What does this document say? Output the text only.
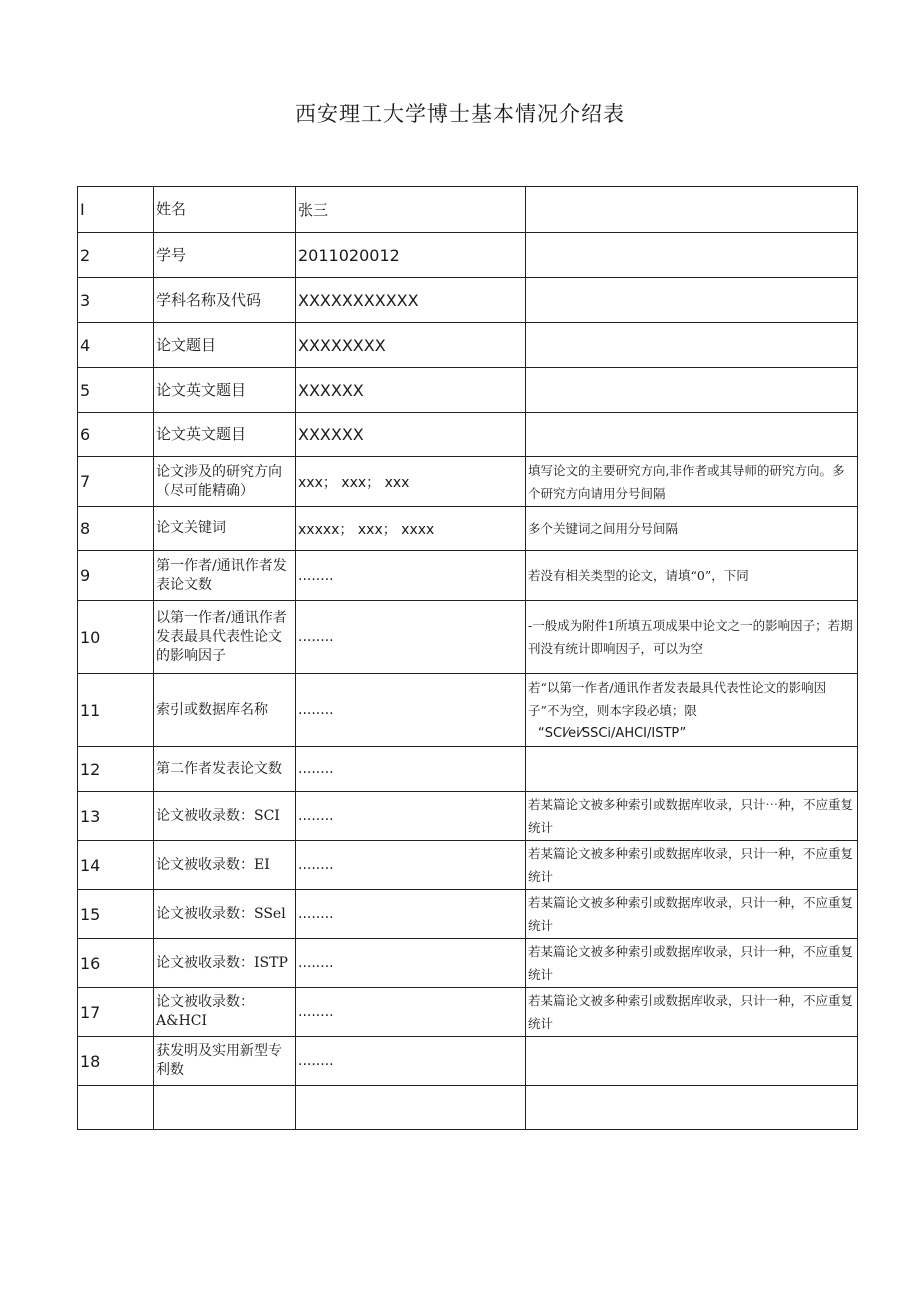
西安理工大学博士基本情况介绍表
I	姓名	张三	
2	学号	2011020012	
3	学科名称及代码	XXXXXXXXXXX	
4	论文题目	XXXXXXXX	
5	论文英文题目	XXXXXX	
6	论文英文题目	XXXXXX	
7	论文涉及的研究方向（尽可能精确）	xxx； xxx； xxx	填写论文的主要研究方向,非作者或其导师的研究方向。多个研究方向请用分号间隔
8	论文关键词	xxxxx； xxx； xxxx	多个关键词之间用分号间隔
9	第一作者/通讯作者发表论文数	........	若没有相关类型的论文，请填“0”，下同
10	以第一作者/通讯作者发表最具代表性论文的影响因子	........	-一般成为附件1所填五项成果中论文之一的影响因子；若期刊没有统计即响因子，可以为空
11	索引或数据库名称	........	若“以第一作者/通讯作者发表最具代表性论文的影响因子”不为空，则本字段必填；限
“SCI⁄ei⁄SSCi/AHCI/ISTP”

12	第二作者发表论文数	........	
13	论文被收录数：SCI	........	若某篇论文被多种索引或数据库收录，只计⋯种，不应重复统计
14	论文被收录数：EI	........	若某篇论文被多种索引或数据库收录，只计一种，不应重复统计
15	论文被收录数：SSel	........	若某篇论文被多种索引或数据库收录，只计一种，不应重复统计
16	论文被收录数：ISTP	........	若某篇论文被多种索引或数据库收录，只计一种，不应重复统计
17	论文被收录数：A&HCI	........	若某篇论文被多种索引或数据库收录，只计一种，不应重复统计
18	获发明及实用新型专利数	........	
